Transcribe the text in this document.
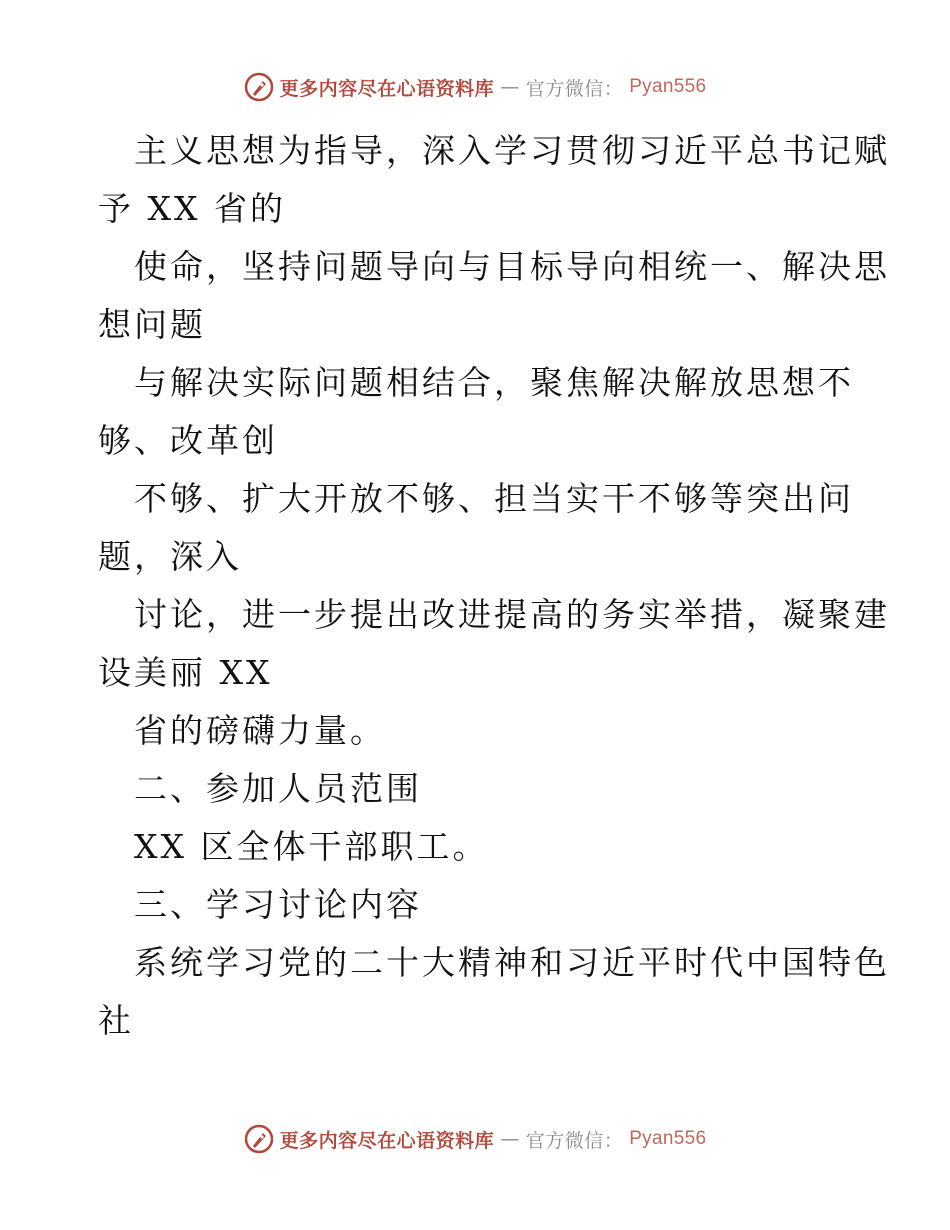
更多内容尽在心语资料库 — 官方微信： Pyan556
主义思想为指导，深入学习贯彻习近平总书记赋
予 XX 省的
使命，坚持问题导向与目标导向相统一、解决思
想问题
与解决实际问题相结合，聚焦解决解放思想不
够、改革创
不够、扩大开放不够、担当实干不够等突出问
题，深入
讨论，进一步提出改进提高的务实举措，凝聚建
设美丽 XX
省的磅礴力量。
二、参加人员范围
XX 区全体干部职工。
三、学习讨论内容
系统学习党的二十大精神和习近平时代中国特色
社
更多内容尽在心语资料库 — 官方微信： Pyan556
